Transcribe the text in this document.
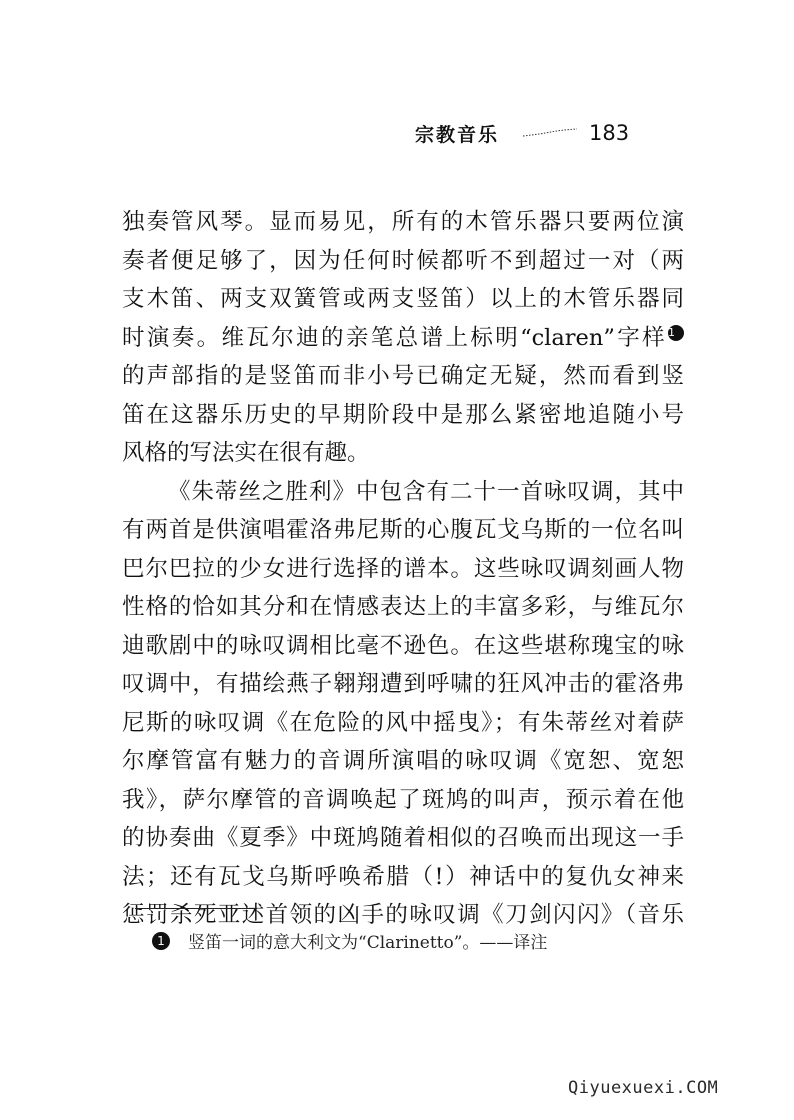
宗教音乐	183
独奏管风琴。显而易见，所有的木管乐器只要两位演
奏者便足够了，因为任何时候都听不到超过一对（两
支木笛、两支双簧管或两支竖笛）以上的木管乐器同
时演奏。维瓦尔迪的亲笔总谱上标明“claren”字样1
的声部指的是竖笛而非小号已确定无疑，然而看到竖
笛在这器乐历史的早期阶段中是那么紧密地追随小号
风格的写法实在很有趣。
《朱蒂丝之胜利》中包含有二十一首咏叹调，其中
有两首是供演唱霍洛弗尼斯的心腹瓦戈乌斯的一位名叫
巴尔巴拉的少女进行选择的谱本。这些咏叹调刻画人物
性格的恰如其分和在情感表达上的丰富多彩，与维瓦尔
迪歌剧中的咏叹调相比毫不逊色。在这些堪称瑰宝的咏
叹调中，有描绘燕子翱翔遭到呼啸的狂风冲击的霍洛弗
尼斯的咏叹调《在危险的风中摇曳》；有朱蒂丝对着萨
尔摩管富有魅力的音调所演唱的咏叹调《宽恕、宽恕
我》，萨尔摩管的音调唤起了斑鸠的叫声，预示着在他
的协奏曲《夏季》中斑鸠随着相似的召唤而出现这一手
法；还有瓦戈乌斯呼唤希腊（!）神话中的复仇女神来
惩罚杀死亚述首领的凶手的咏叹调《刀剑闪闪》（音乐
1	竖笛一词的意大利文为“Clarinetto”。——译注
Qiyuexuexi.COM
